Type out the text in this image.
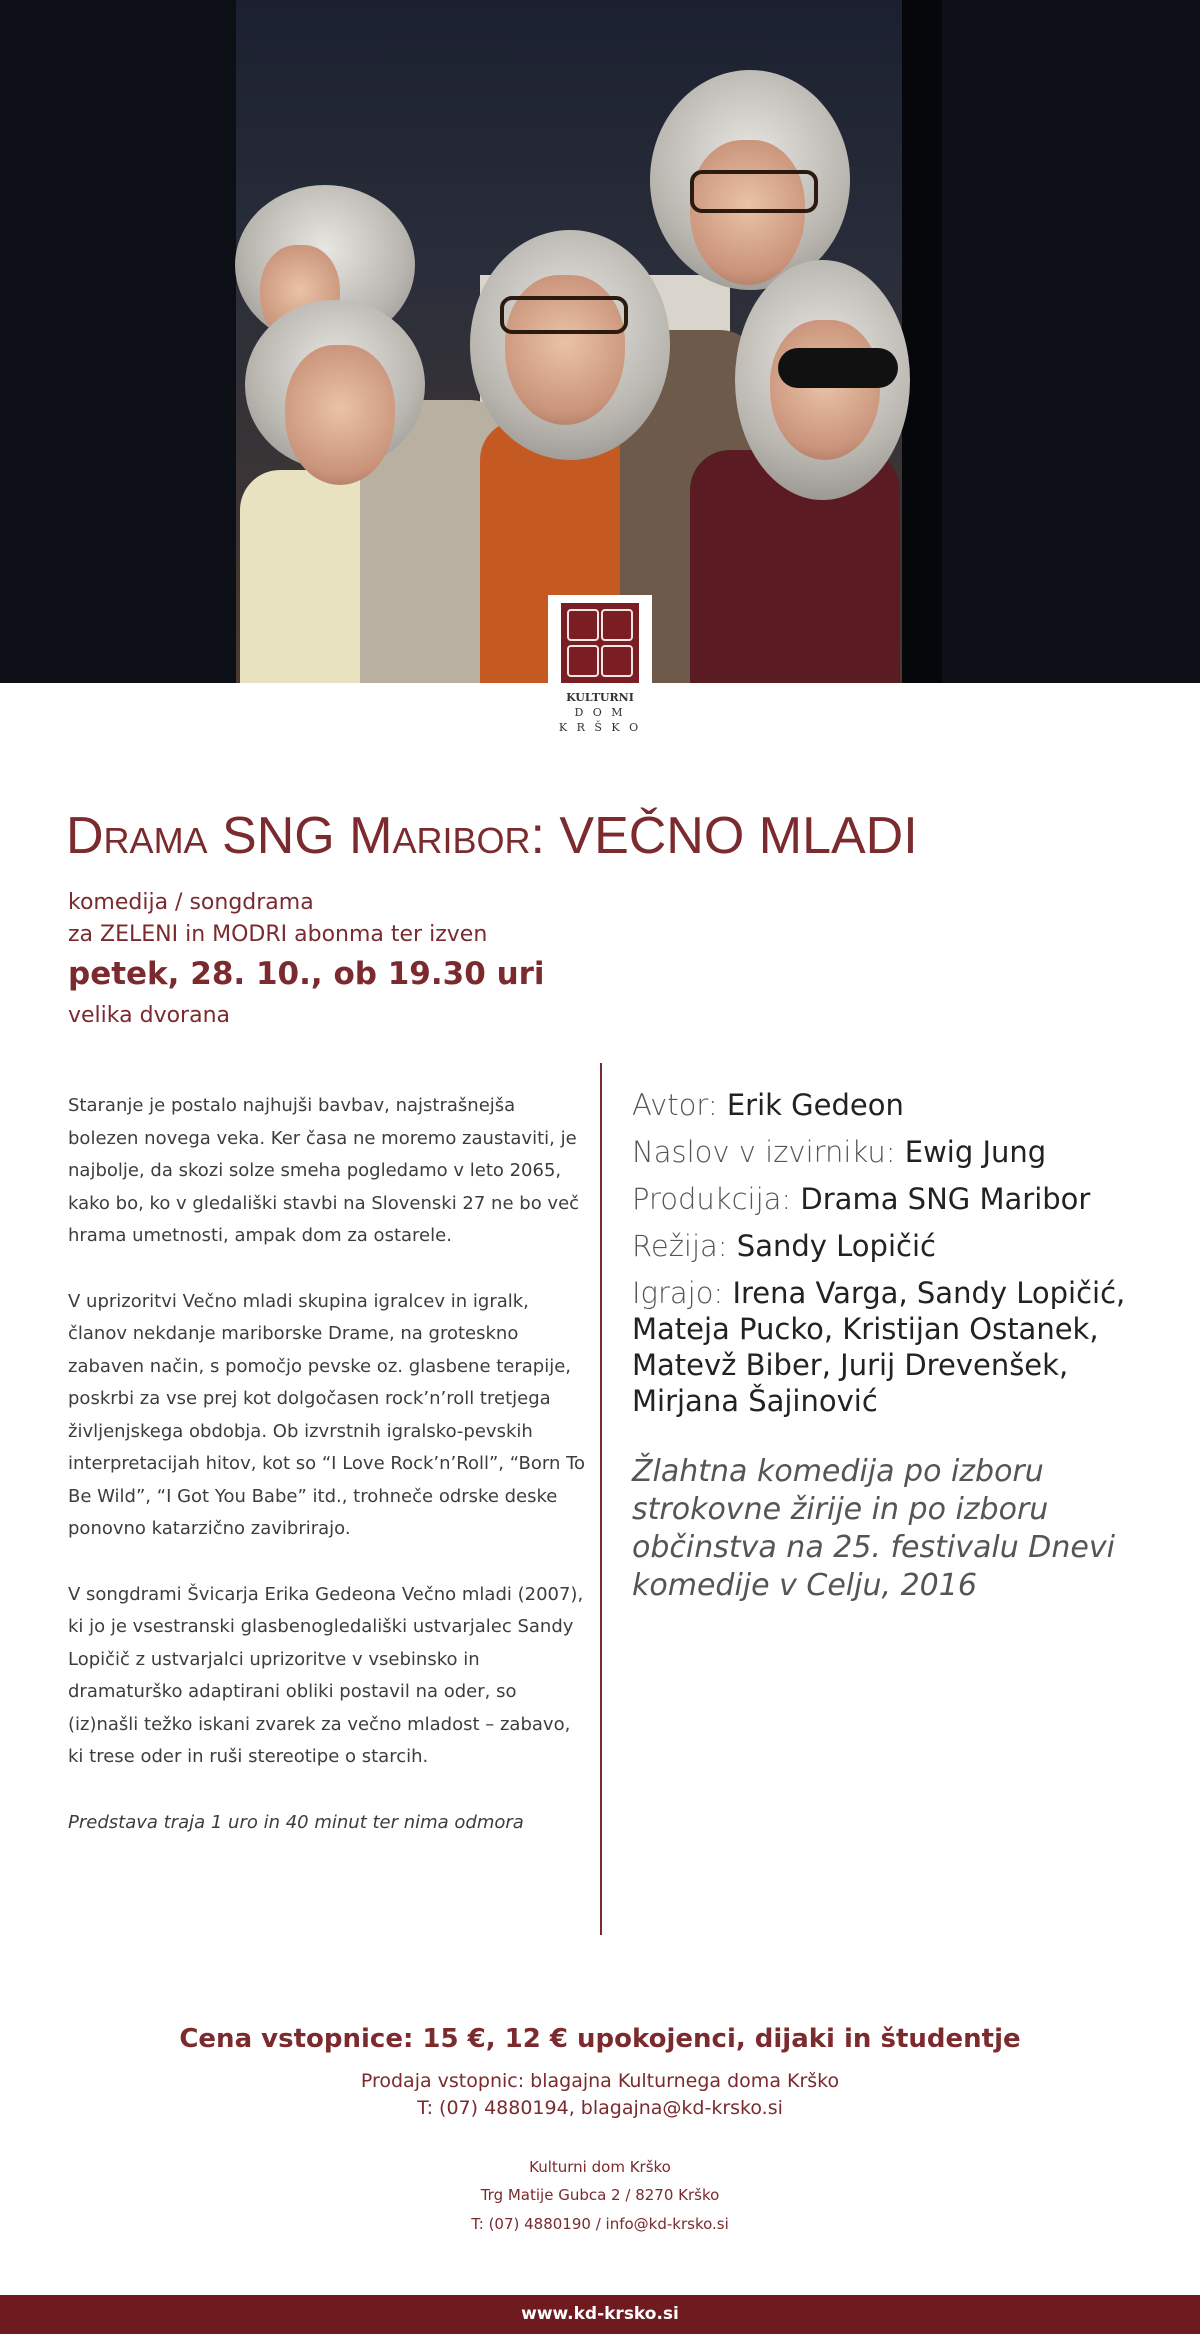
KULTURNI
D O M
K R Š K O
Drama SNG Maribor: VEČNO MLADI
komedija / songdrama
za ZELENI in MODRI abonma ter izven
petek, 28. 10., ob 19.30 uri
velika dvorana

Staranje je postalo najhujši bavbav, najstrašnejša bolezen novega veka. Ker časa ne moremo zaustaviti, je najbolje, da skozi solze smeha pogledamo v leto 2065, kako bo, ko v gledališki stavbi na Slovenski 27 ne bo več hrama umetnosti, ampak dom za ostarele.

V uprizoritvi Večno mladi skupina igralcev in igralk, članov nekdanje mariborske Drame, na groteskno zabaven način, s pomočjo pevske oz. glasbene terapije, poskrbi za vse prej kot dolgočasen rock’n’roll tretjega življenjskega obdobja. Ob izvrstnih igralsko-pevskih interpretacijah hitov, kot so “I Love Rock’n’Roll”, “Born To Be Wild”, “I Got You Babe” itd., trohneče odrske deske ponovno katarzično zavibrirajo.

V songdrami Švicarja Erika Gedeona Večno mladi (2007), ki jo je vsestranski glasbenogledališki ustvarjalec Sandy Lopičič z ustvarjalci uprizoritve v vsebinsko in dramaturško adaptirani obliki postavil na oder, so (iz)našli težko iskani zvarek za večno mladost – zabavo, ki trese oder in ruši stereotipe o starcih.

Predstava traja 1 uro in 40 minut ter nima odmora

Avtor: Erik Gedeon
Naslov v izvirniku: Ewig Jung
Produkcija: Drama SNG Maribor
Režija: Sandy Lopičić
Igrajo: Irena Varga, Sandy Lopičić, Mateja Pucko, Kristijan Ostanek, Matevž Biber, Jurij Drevenšek, Mirjana Šajinović
Žlahtna komedija po izboru strokovne žirije in po izboru občinstva na 25. festivalu Dnevi komedije v Celju, 2016
Cena vstopnice: 15 €, 12 € upokojenci, dijaki in študentje
Prodaja vstopnic: blagajna Kulturnega doma Krško
T: (07) 4880194, blagajna@kd-krsko.si
Kulturni dom Krško
Trg Matije Gubca 2 / 8270 Krško
T: (07) 4880190 / info@kd-krsko.si
www.kd-krsko.si
